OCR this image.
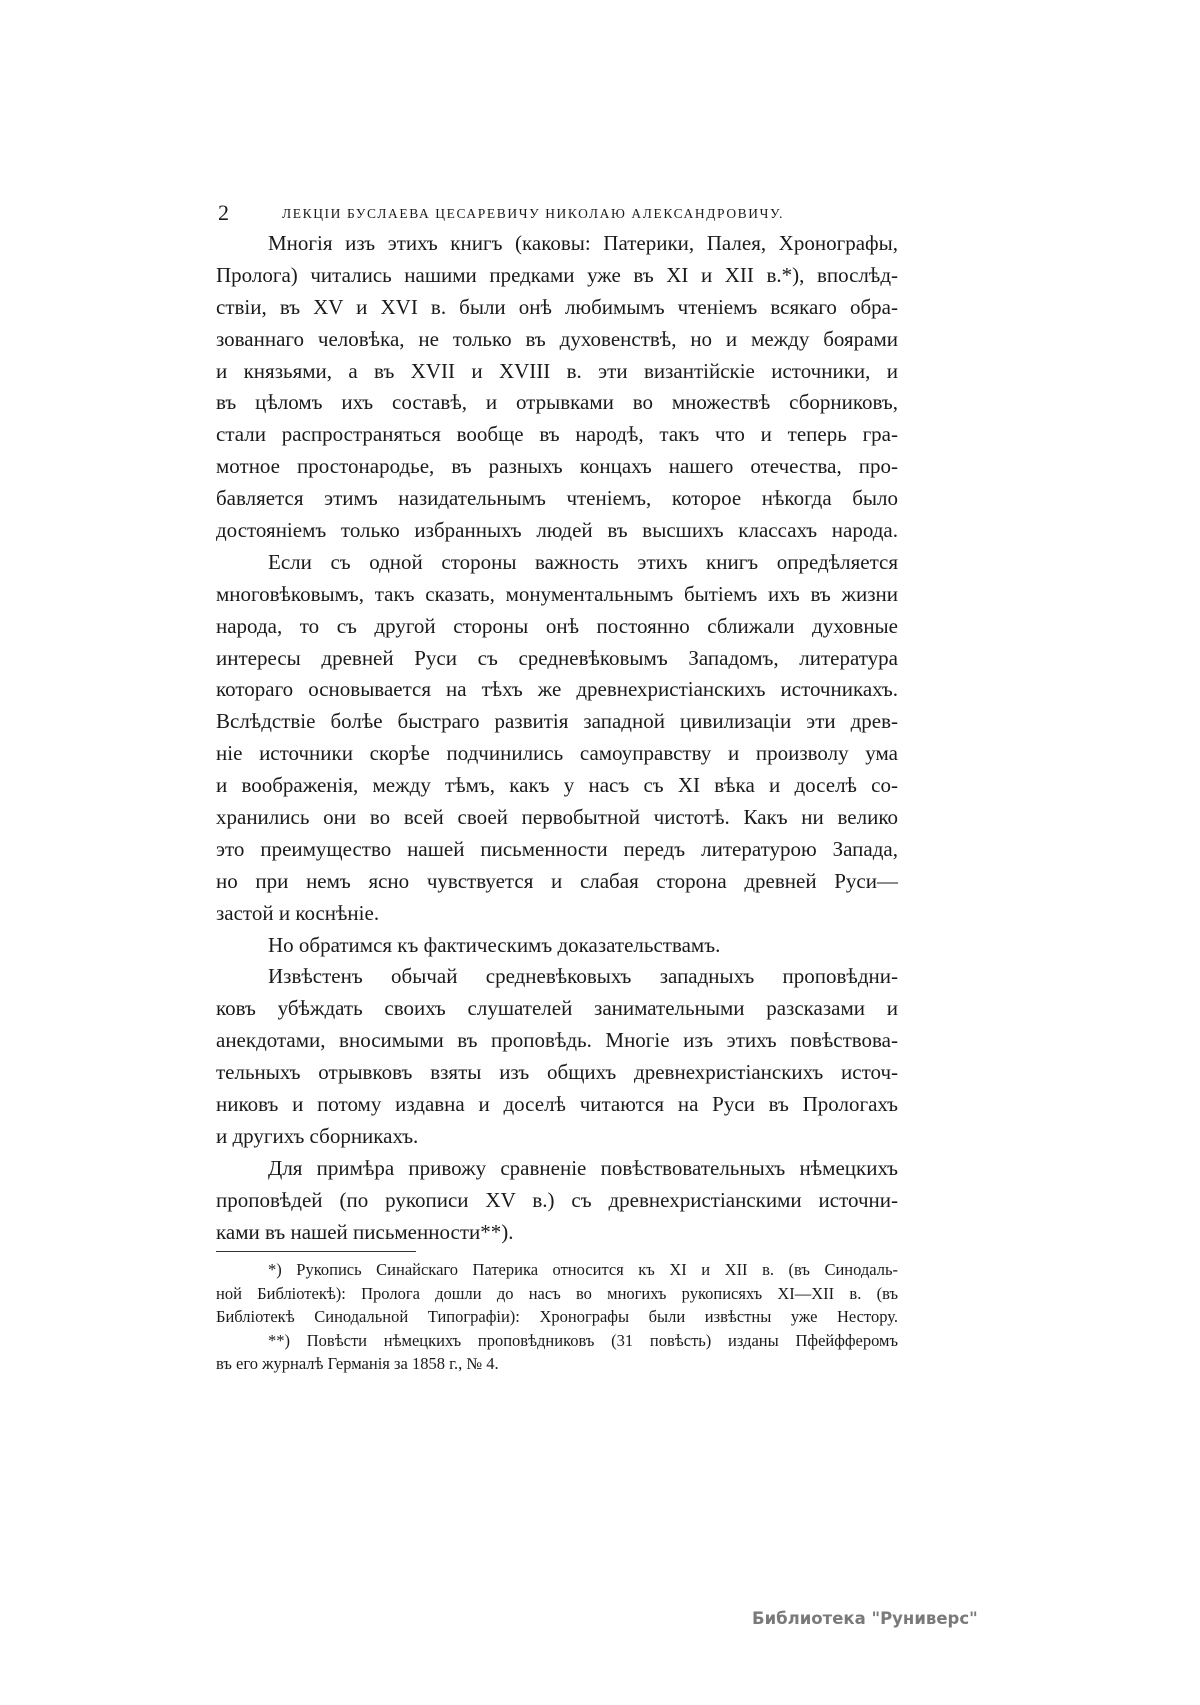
2	ЛЕКЦІИ БУСЛАЕВА ЦЕСАРЕВИЧУ НИКОЛАЮ АЛЕКСАНДРОВИЧУ.
Многія изъ этихъ книгъ (каковы: Патерики, Палея, Хронографы,
Пролога) читались нашими предками уже въ XI и XII в.*), впослѣд-
ствіи, въ XV и XVI в. были онѣ любимымъ чтеніемъ всякаго обра-
зованнаго человѣка, не только въ духовенствѣ, но и между боярами
и князьями, а въ XVII и XVIII в. эти византійскіе источники, и
въ цѣломъ ихъ составѣ, и отрывками во множествѣ сборниковъ,
стали распространяться вообще въ народѣ, такъ что и теперь гра-
мотное простонародье, въ разныхъ концахъ нашего отечества, про-
бавляется этимъ назидательнымъ чтеніемъ, которое нѣкогда было
достояніемъ только избранныхъ людей въ высшихъ классахъ народа.
Если съ одной стороны важность этихъ книгъ опредѣляется
многовѣковымъ, такъ сказать, монументальнымъ бытіемъ ихъ въ жизни
народа, то съ другой стороны онѣ постоянно сближали духовные
интересы древней Руси съ средневѣковымъ Западомъ, литература
котораго основывается на тѣхъ же древнехристіанскихъ источникахъ.
Вслѣдствіе болѣе быстраго развитія западной цивилизаціи эти древ-
ніе источники скорѣе подчинились самоуправству и произволу ума
и воображенія, между тѣмъ, какъ у насъ съ XI вѣка и доселѣ со-
хранились они во всей своей первобытной чистотѣ. Какъ ни велико
это преимущество нашей письменности передъ литературою Запада,
но при немъ ясно чувствуется и слабая сторона древней Руси—
застой и коснѣніе.
Но обратимся къ фактическимъ доказательствамъ.
Извѣстенъ обычай средневѣковыхъ западныхъ проповѣдни-
ковъ убѣждать своихъ слушателей занимательными разсказами и
анекдотами, вносимыми въ проповѣдь. Многіе изъ этихъ повѣствова-
тельныхъ отрывковъ взяты изъ общихъ древнехристіанскихъ источ-
никовъ и потому издавна и доселѣ читаются на Руси въ Прологахъ
и другихъ сборникахъ.
Для примѣра привожу сравненіе повѣствовательныхъ нѣмецкихъ
проповѣдей (по рукописи XV в.) съ древнехристіанскими источни-
ками въ нашей письменности**).
*) Рукопись Синайскаго Патерика относится къ XI и XII в. (въ Синодаль-
ной Библіотекѣ): Пролога дошли до насъ во многихъ рукописяхъ XI—XII в. (въ
Библіотекѣ Синодальной Типографіи): Хронографы были извѣстны уже Нестору.
**) Повѣсти нѣмецкихъ проповѣдниковъ (31 повѣсть) изданы Пфейфферомъ
въ его журналѣ Германія за 1858 г., № 4.
Библиотека "Руниверс"
